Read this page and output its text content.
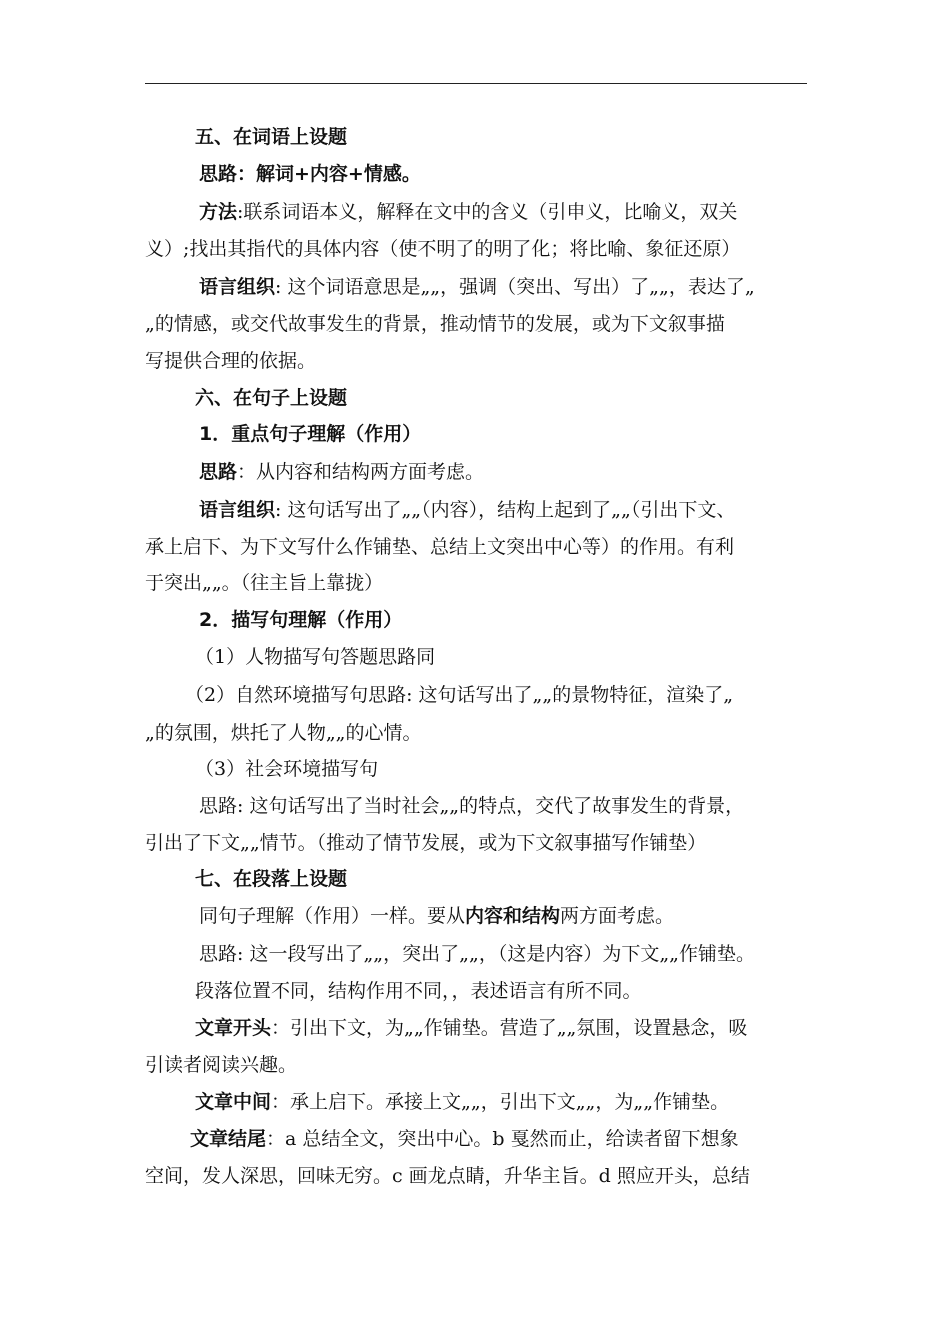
五、在词语上设题
思路：解词+内容+情感。
方法:联系词语本义，解释在文中的含义（引申义，比喻义，双关
义）;找出其指代的具体内容（使不明了的明了化；将比喻、象征还原）
语言组织: 这个词语意思是„„，强调（突出、写出）了„„，表达了„
„的情感，或交代故事发生的背景，推动情节的发展，或为下文叙事描
写提供合理的依据。
六、在句子上设题
1．重点句子理解（作用）
思路：从内容和结构两方面考虑。
语言组织: 这句话写出了„„（内容），结构上起到了„„（引出下文、
承上启下、为下文写什么作铺垫、总结上文突出中心等）的作用。有利
于突出„„。（往主旨上靠拢）
2．描写句理解（作用）
（1）人物描写句答题思路同
（2）自然环境描写句思路: 这句话写出了„„的景物特征，渲染了„
„的氛围，烘托了人物„„的心情。
（3）社会环境描写句
思路: 这句话写出了当时社会„„的特点，交代了故事发生的背景，
引出了下文„„情节。（推动了情节发展，或为下文叙事描写作铺垫）
七、在段落上设题
同句子理解（作用）一样。要从内容和结构两方面考虑。
思路: 这一段写出了„„，突出了„„，（这是内容）为下文„„作铺垫。
段落位置不同，结构作用不同，，表述语言有所不同。
文章开头：引出下文，为„„作铺垫。营造了„„氛围，设置悬念，吸
引读者阅读兴趣。
文章中间：承上启下。承接上文„„，引出下文„„，为„„作铺垫。
文章结尾：a 总结全文，突出中心。b 戛然而止，给读者留下想象
空间，发人深思，回味无穷。c 画龙点睛，升华主旨。d 照应开头，总结
